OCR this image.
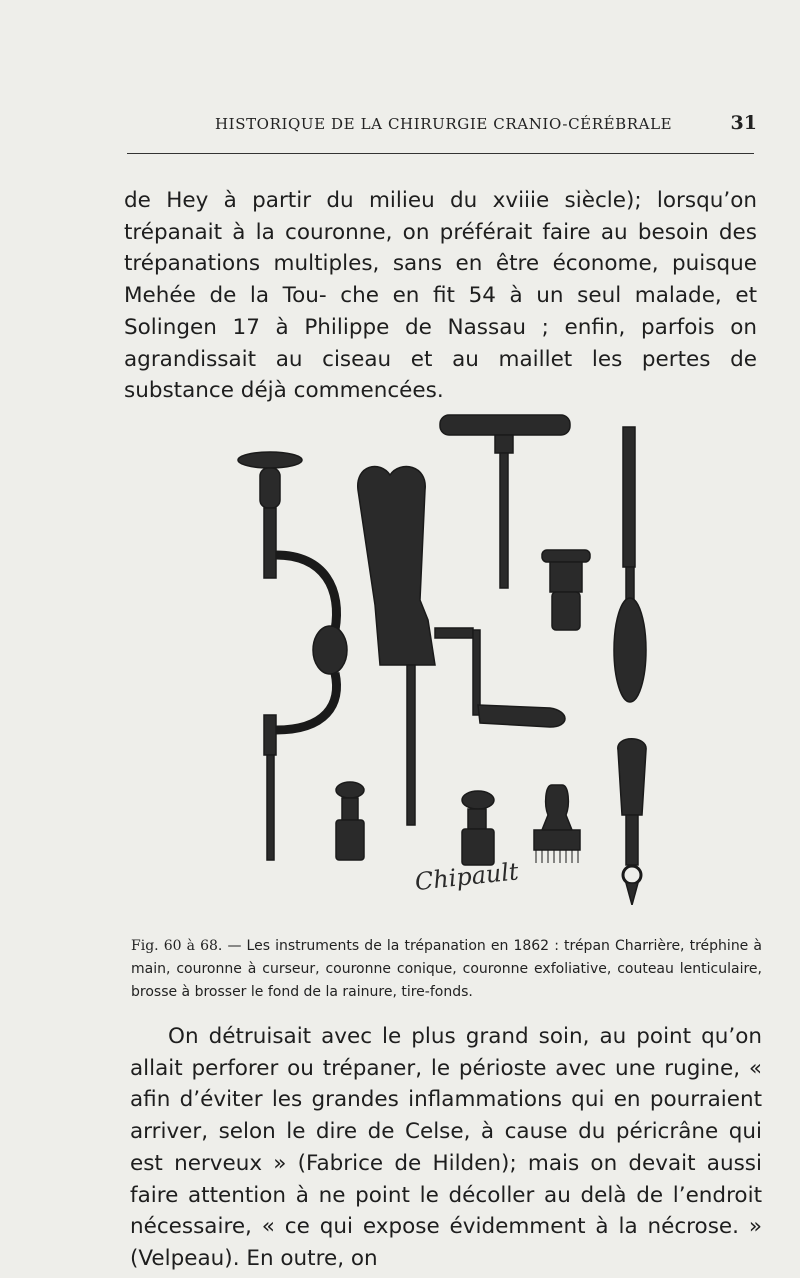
HISTORIQUE DE LA CHIRURGIE CRANIO-CÉRÉBRALE	31

de Hey à partir du milieu du xviiie siècle); lorsqu’on trépanait à la couronne, on préférait faire au besoin des trépanations multiples, sans en être économe, puisque Mehée de la Tou- che en fit 54 à un seul malade, et Solingen 17 à Philippe de Nassau ; enfin, parfois on agrandissait au ciseau et au maillet les pertes de substance déjà commencées.

Chipault
Fig. 60 à 68. — Les instruments de la trépanation en 1862 : trépan Charrière, tréphine à main, couronne à curseur, couronne conique, couronne exfoliative, couteau lenticulaire, brosse à brosser le fond de la rainure, tire-fonds.

On détruisait avec le plus grand soin, au point qu’on allait perforer ou trépaner, le périoste avec une rugine, « afin d’éviter les grandes inflammations qui en pourraient arriver, selon le dire de Celse, à cause du péricrâne qui est nerveux » (Fabrice de Hilden); mais on devait aussi faire attention à ne point le décoller au delà de l’endroit nécessaire, « ce qui expose évidemment à la nécrose. » (Velpeau). En outre, on
